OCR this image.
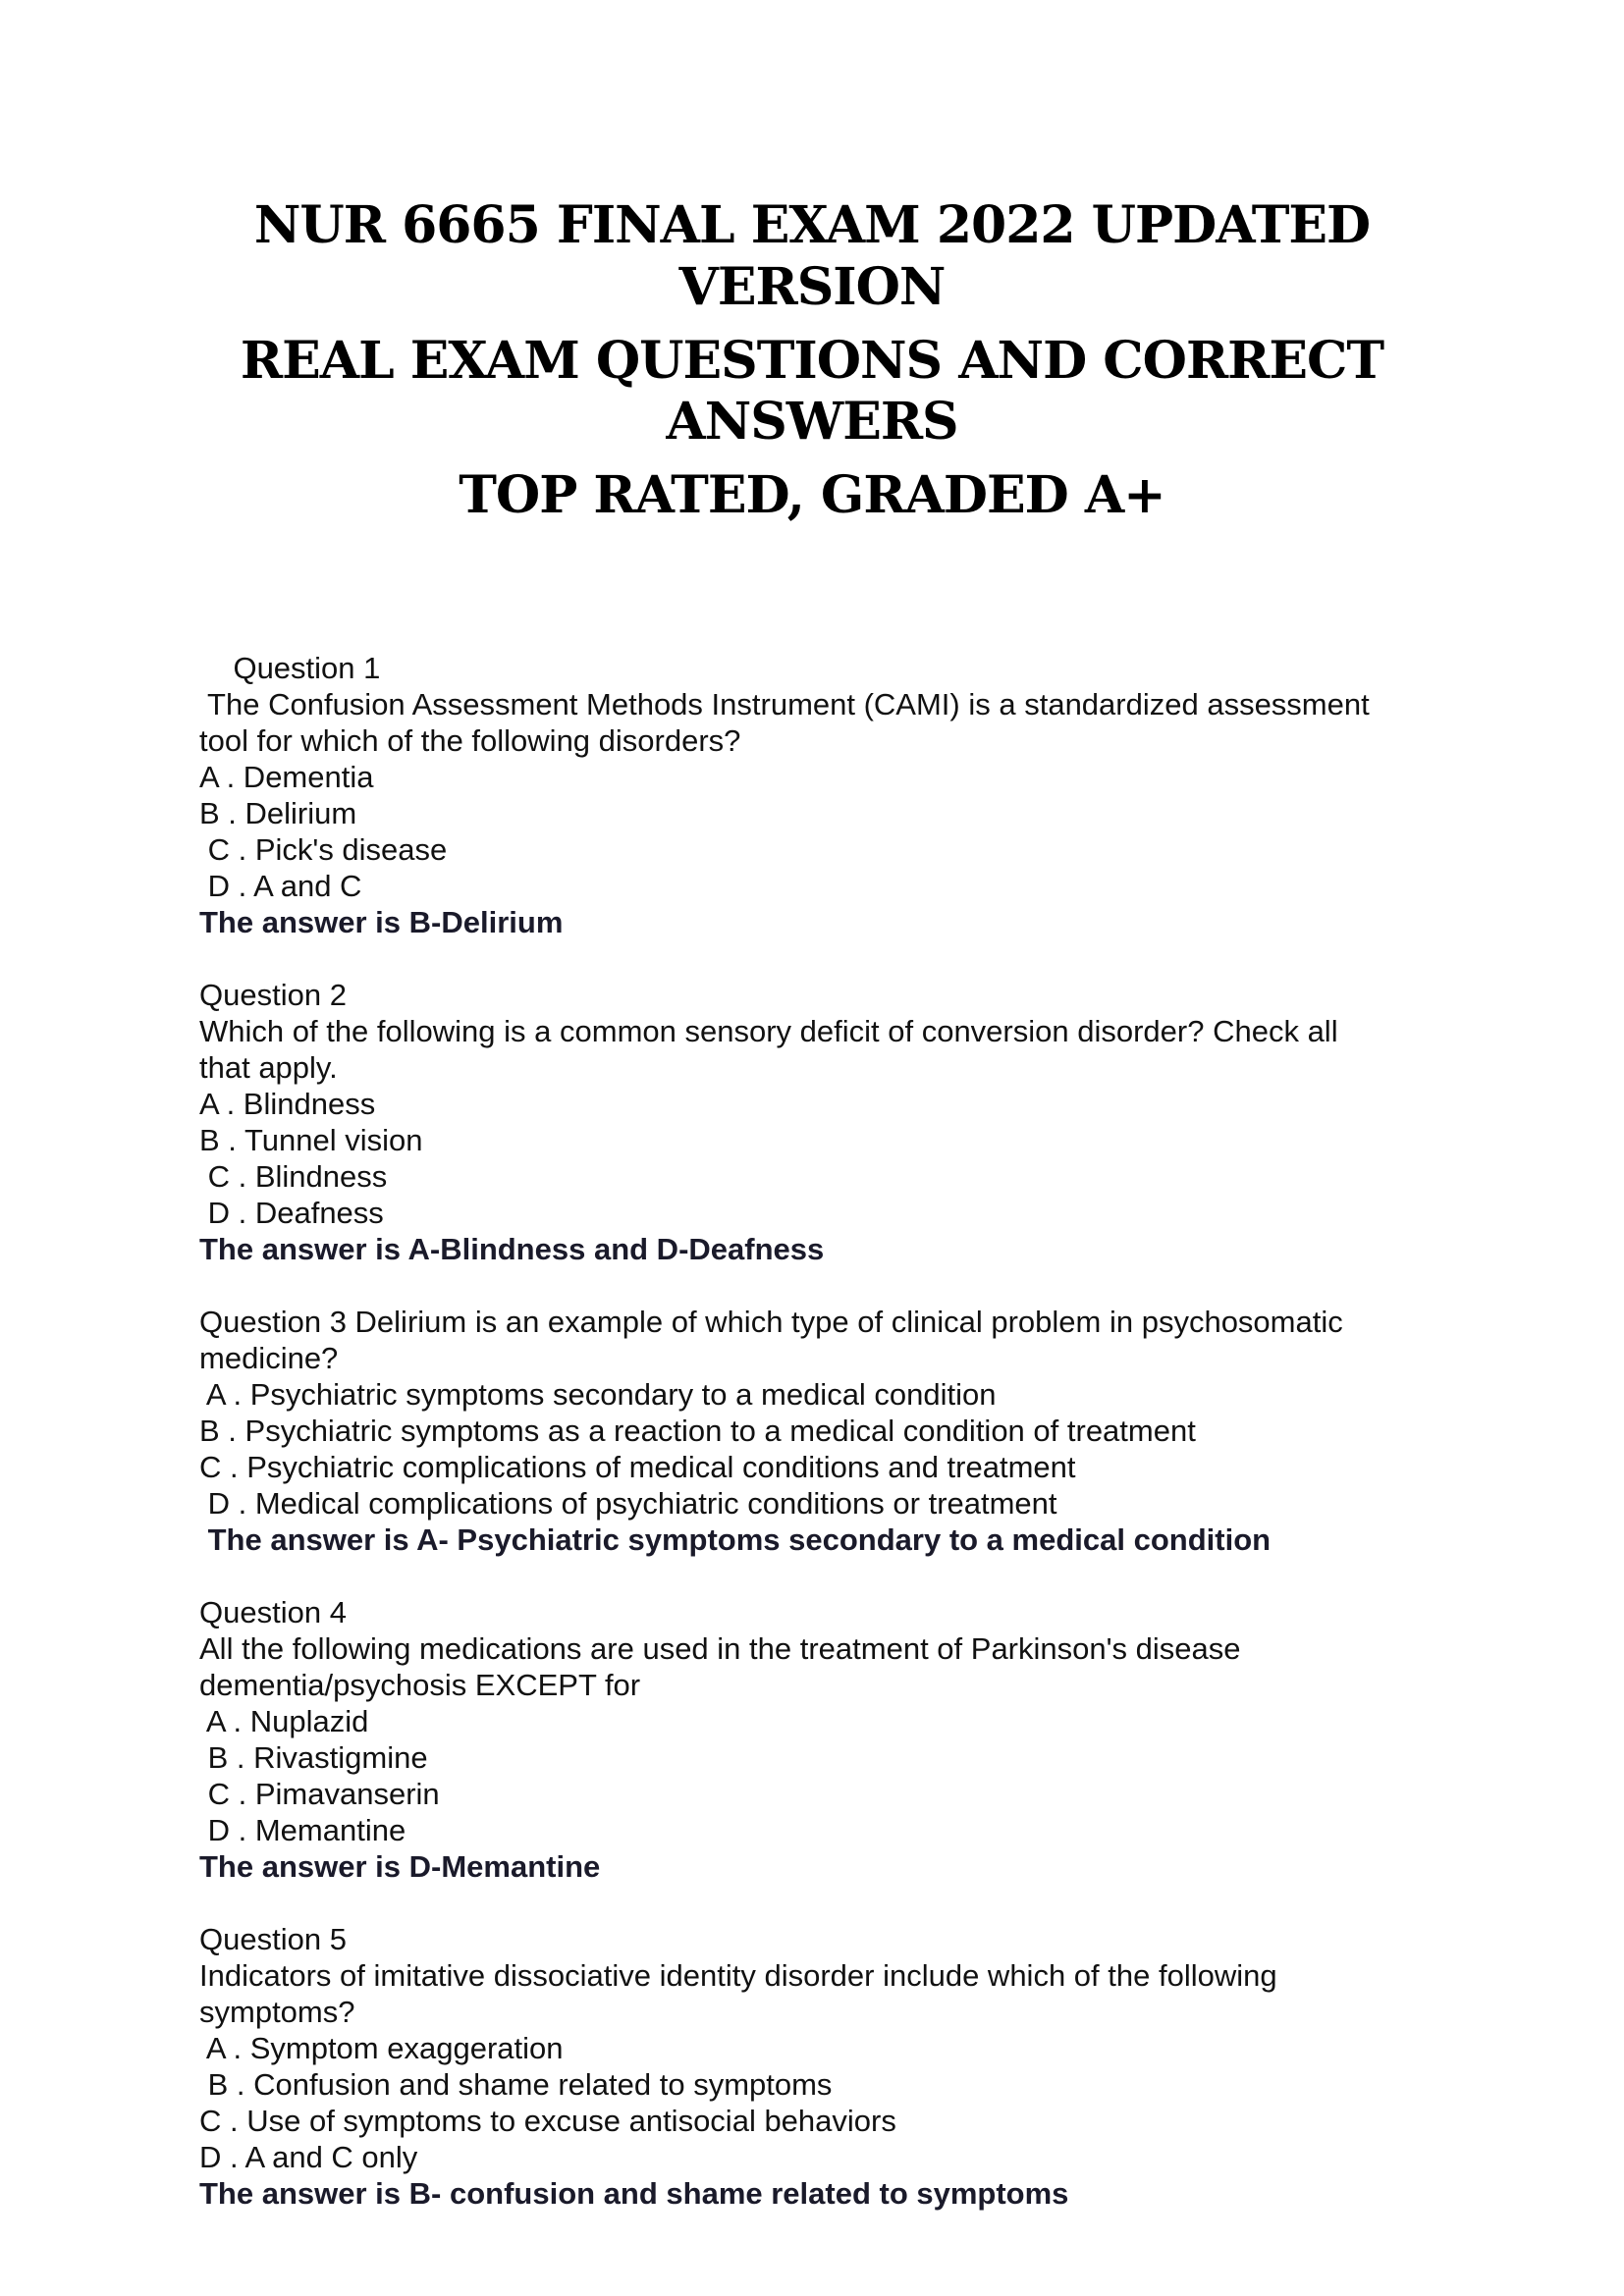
NUR 6665 FINAL EXAM 2022 UPDATED
VERSION
REAL EXAM QUESTIONS AND CORRECT
ANSWERS
TOP RATED, GRADED A+
Question 1
The Confusion Assessment Methods Instrument (CAMI) is a standardized assessment
tool for which of the following disorders?
A . Dementia
B . Delirium
C . Pick's disease
D . A and C
The answer is B-Delirium
Question 2
Which of the following is a common sensory deficit of conversion disorder? Check all
that apply.
A . Blindness
B . Tunnel vision
C . Blindness
D . Deafness
The answer is A-Blindness and D-Deafness
Question 3 Delirium is an example of which type of clinical problem in psychosomatic
medicine?
A . Psychiatric symptoms secondary to a medical condition
B . Psychiatric symptoms as a reaction to a medical condition of treatment
C . Psychiatric complications of medical conditions and treatment
D . Medical complications of psychiatric conditions or treatment
The answer is A- Psychiatric symptoms secondary to a medical condition
Question 4
All the following medications are used in the treatment of Parkinson's disease
dementia/psychosis EXCEPT for
A . Nuplazid
B . Rivastigmine
C . Pimavanserin
D . Memantine
The answer is D-Memantine
Question 5
Indicators of imitative dissociative identity disorder include which of the following
symptoms?
A . Symptom exaggeration
B . Confusion and shame related to symptoms
C . Use of symptoms to excuse antisocial behaviors
D . A and C only
The answer is B- confusion and shame related to symptoms
